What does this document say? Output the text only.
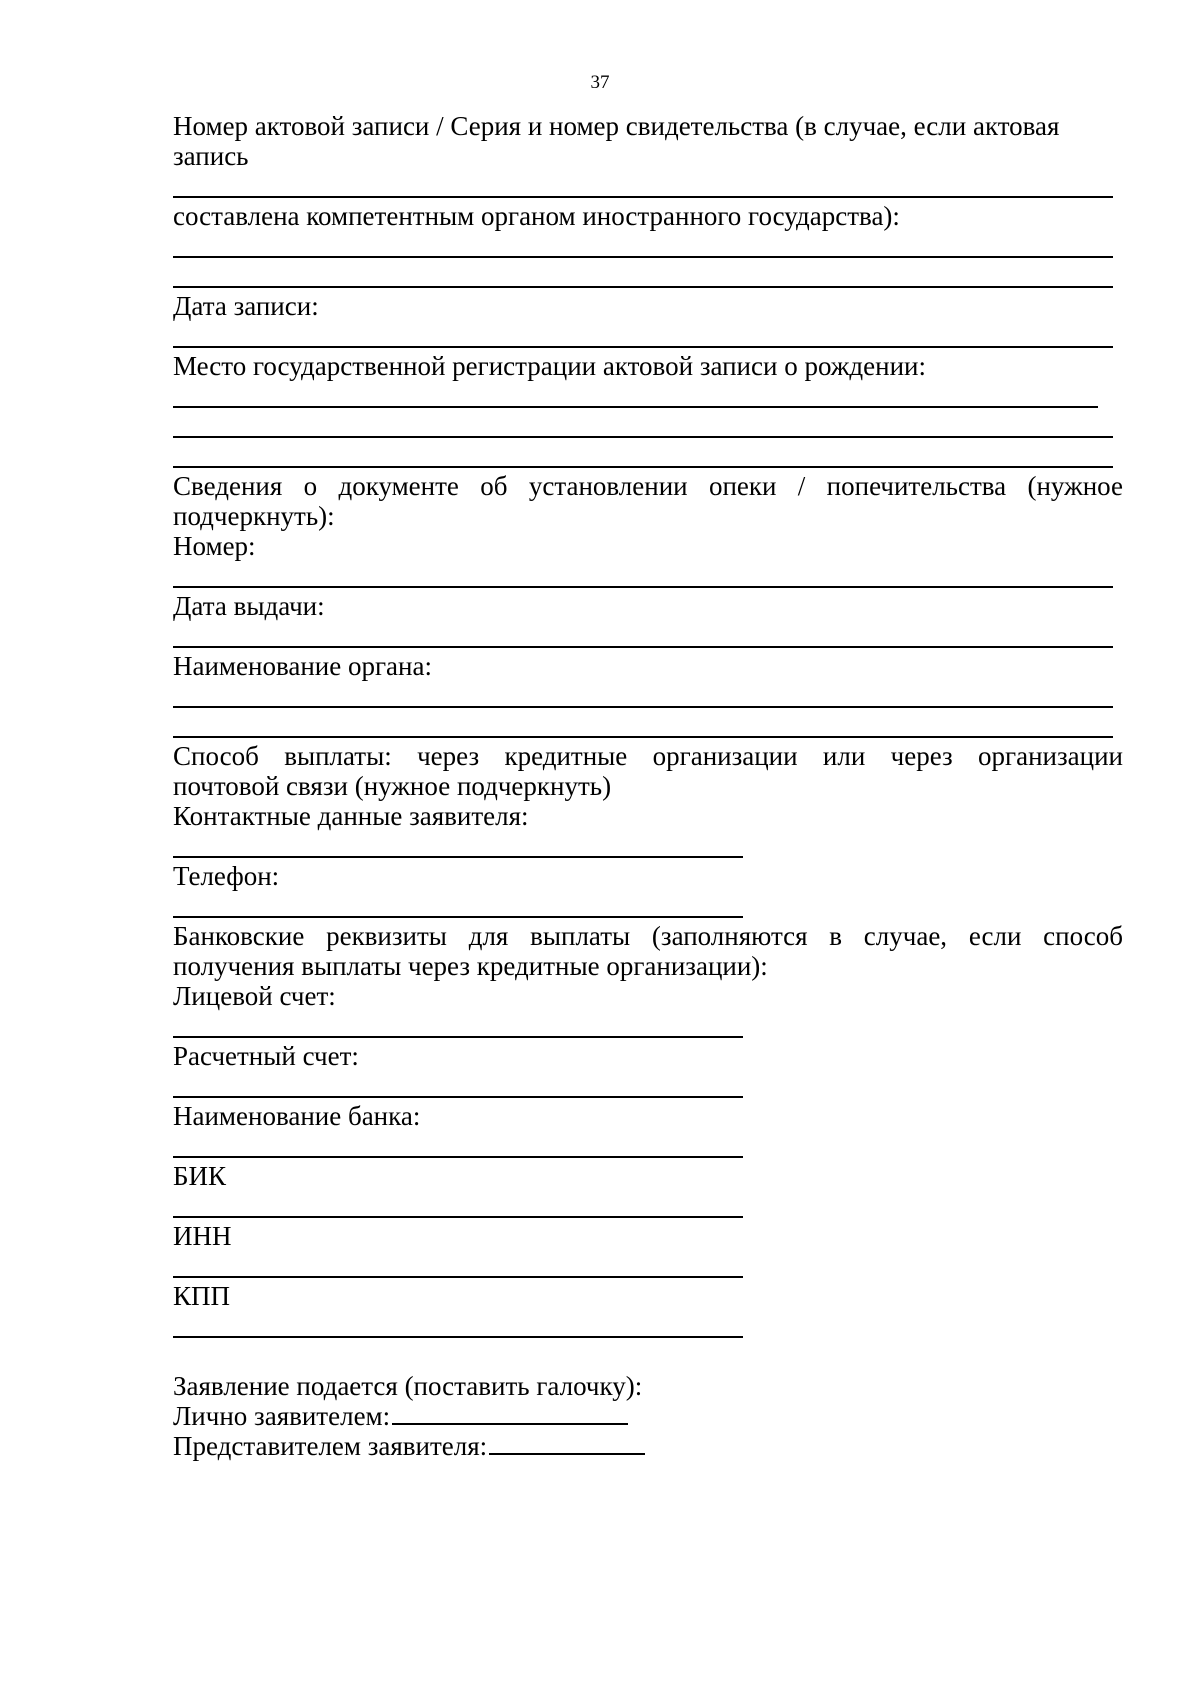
37
Номер актовой записи / Серия и номер свидетельства (в случае, если актовая
запись
составлена компетентным органом иностранного государства):
Дата записи:
Место государственной регистрации актовой записи о рождении:
Сведения о документе об установлении опеки / попечительства (нужное
подчеркнуть):
Номер:
Дата выдачи:
Наименование органа:
Способ выплаты: через кредитные организации или через организации
почтовой связи (нужное подчеркнуть)
Контактные данные заявителя:
Телефон:
Банковские реквизиты для выплаты (заполняются в случае, если способ
получения выплаты через кредитные организации):
Лицевой счет:
Расчетный счет:
Наименование банка:
БИК
ИНН
КПП
Заявление подается (поставить галочку):
Лично заявителем:
Представителем заявителя:
